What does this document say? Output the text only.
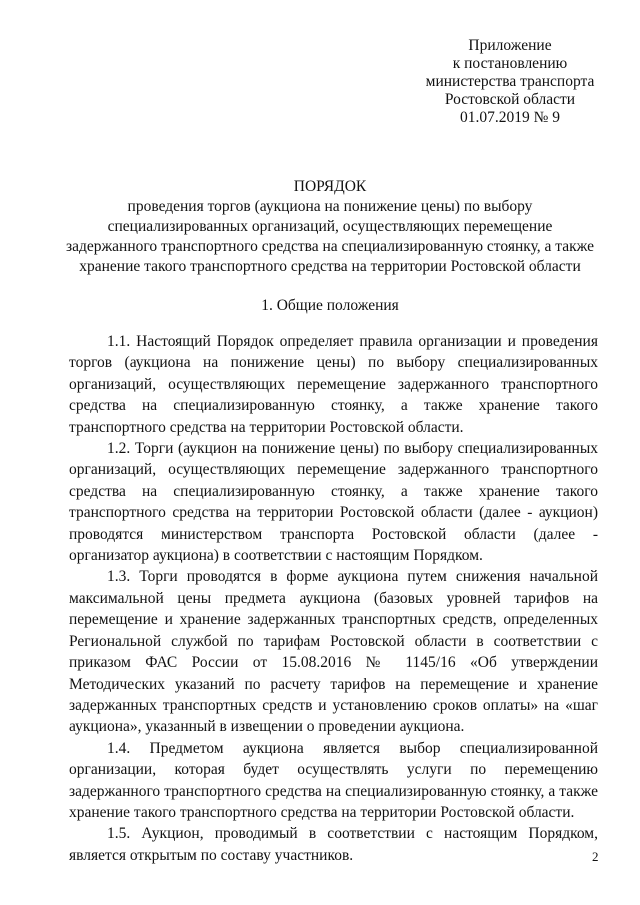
Приложение
к постановлению
министерства транспорта
Ростовской области
01.07.2019 № 9
ПОРЯДОК
проведения торгов (аукциона на понижение цены) по выбору
специализированных организаций, осуществляющих перемещение
задержанного транспортного средства на специализированную стоянку, а также
хранение такого транспортного средства на территории Ростовской области
1. Общие положения

1.1. Настоящий Порядок определяет правила организации и проведения торгов (аукциона на понижение цены) по выбору специализированных организаций, осуществляющих перемещение задержанного транспортного средства на специализированную стоянку, а также хранение такого транспортного средства на территории Ростовской области.

1.2. Торги (аукцион на понижение цены) по выбору специализированных организаций, осуществляющих перемещение задержанного транспортного средства на специализированную стоянку, а также хранение такого транспортного средства на территории Ростовской области (далее - аукцион) проводятся министерством транспорта Ростовской области (далее - организатор аукциона) в соответствии с настоящим Порядком.

1.3. Торги проводятся в форме аукциона путем снижения начальной максимальной цены предмета аукциона (базовых уровней тарифов на перемещение и хранение задержанных транспортных средств, определенных Региональной службой по тарифам Ростовской области в соответствии с приказом ФАС России от 15.08.2016 № 1145/16 «Об утверждении Методических указаний по расчету тарифов на перемещение и хранение задержанных транспортных средств и установлению сроков оплаты» на «шаг аукциона», указанный в извещении о проведении аукциона.

1.4. Предметом аукциона является выбор специализированной организации, которая будет осуществлять услуги по перемещению задержанного транспортного средства на специализированную стоянку, а также хранение такого транспортного средства на территории Ростовской области.

1.5. Аукцион, проводимый в соответствии с настоящим Порядком, является открытым по составу участников.	2
